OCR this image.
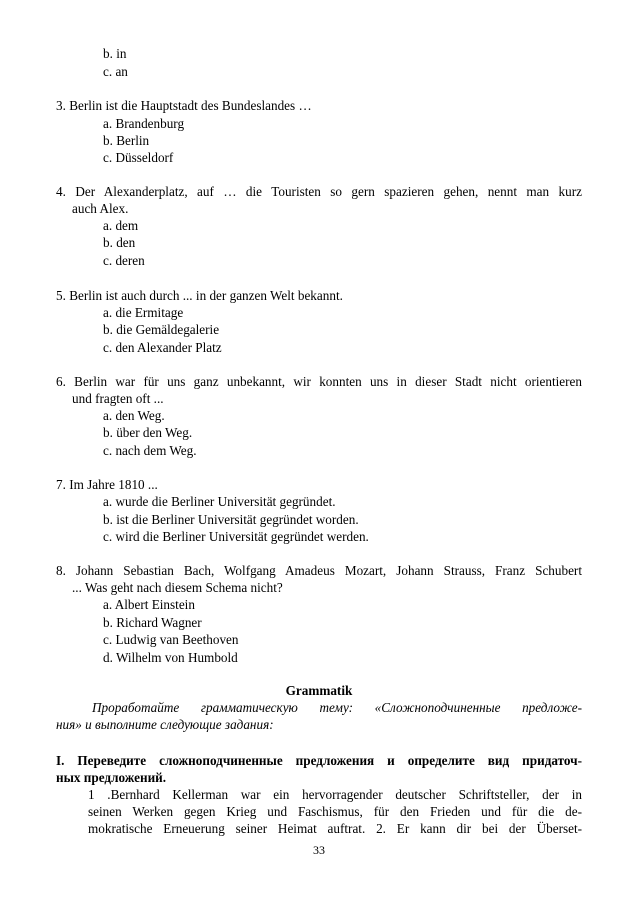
b. in
c. an
3. Berlin ist die Hauptstadt des Bundeslandes …
a. Brandenburg
b. Berlin
c. Düsseldorf
4. Der Alexanderplatz, auf … die Touristen so gern spazieren gehen, nennt man kurz
auch Alex.
a. dem
b. den
c. deren
5. Berlin ist auch durch ... in der ganzen Welt bekannt.
a. die Ermitage
b. die Gemäldegalerie
c. den Alexander Platz
6. Berlin war für uns ganz unbekannt, wir konnten uns in dieser Stadt nicht orientieren
und fragten oft ...
a. den Weg.
b. über den Weg.
c. nach dem Weg.
7. Im Jahre 1810 ...
a. wurde die Berliner Universität gegründet.
b. ist die Berliner Universität gegründet worden.
c. wird die Berliner Universität gegründet werden.
8. Johann Sebastian Bach, Wolfgang Amadeus Mozart, Johann Strauss, Franz Schubert
... Was geht nach diesem Schema nicht?
a. Albert Einstein
b. Richard Wagner
c. Ludwig van Beethoven
d. Wilhelm von Humbold
Grammatik
Проработайте грамматическую тему: «Сложноподчиненные предложе-
ния» и выполните следующие задания:
I. Переведите сложноподчиненные предложения и определите вид придаточ-
ных предложений.
1 .Bernhard Kellerman war ein hervorragender deutscher Schriftsteller, der in
seinen Werken gegen Krieg und Faschismus, für den Frieden und für die de-
mokratische Erneuerung seiner Heimat auftrat. 2. Er kann dir bei der Überset-
33
